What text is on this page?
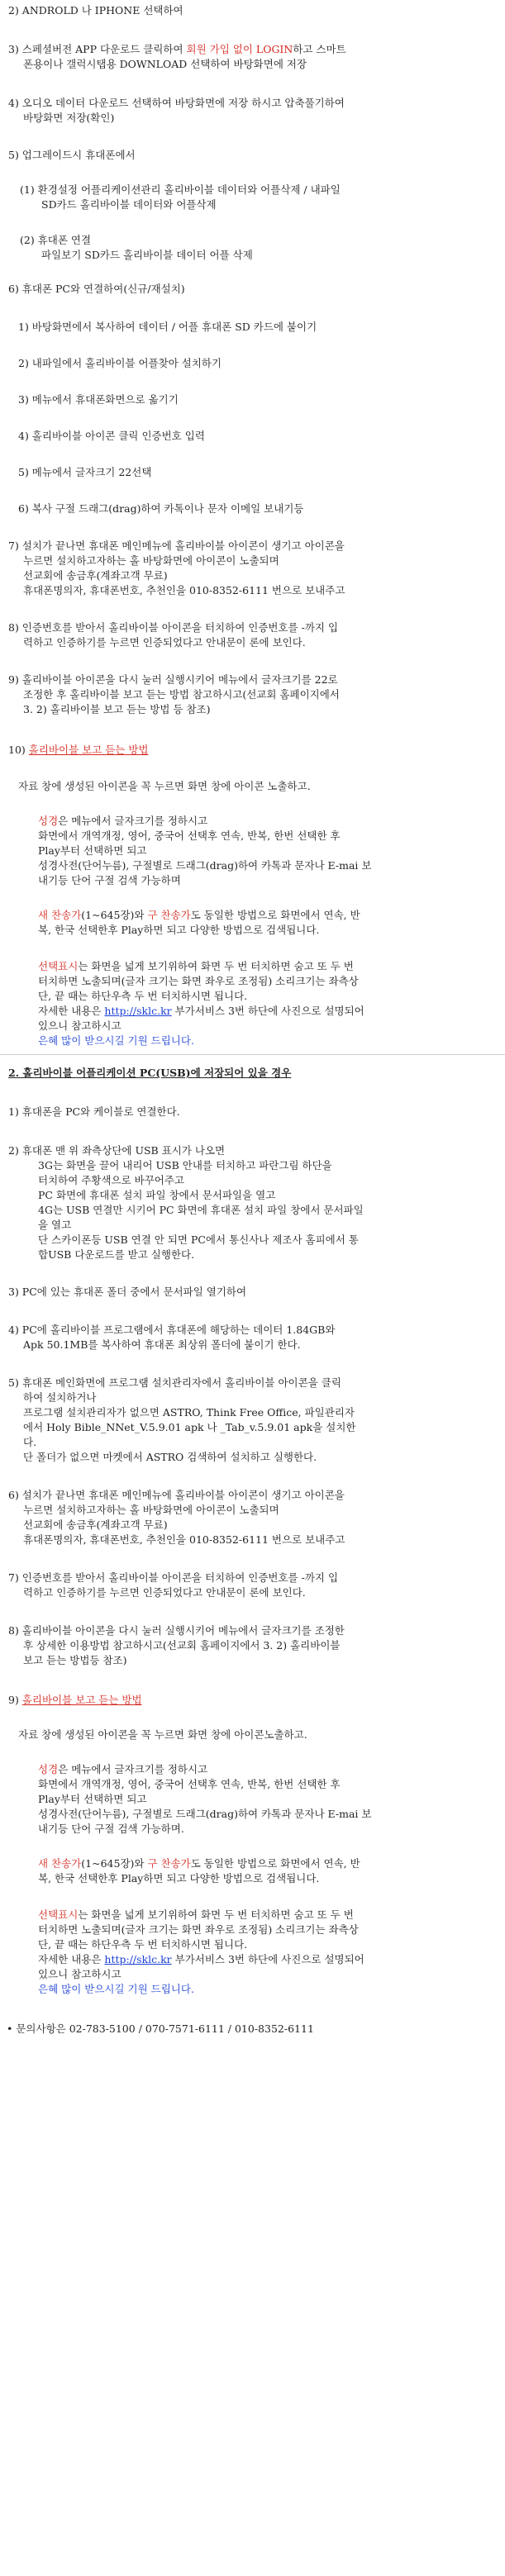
2) ANDROLD 나 IPHONE 선택하여
3) 스페셜버전 APP 다운로드 클릭하여 회원 가입 없이 LOGIN하고 스마트
폰용이나 갤럭시탭용 DOWNLOAD 선택하여 바탕화면에 저장
4) 오디오 데이터 다운로드 선택하여 바탕화면에 저장 하시고 압축풀기하여
바탕화면 저장(확인)
5) 업그레이드시 휴대폰에서
(1) 환경설정 어플리케이션관리 홀리바이블 데이터와 어플삭제 / 내파일
SD카드 홀리바이블 데이터와 어플삭제
(2) 휴대폰 연결
파일보기 SD카드 홀리바이블 데이터 어플 삭제
6) 휴대폰 PC와 연결하여(신규/재설치)
1) 바탕화면에서 복사하여 데이터 / 어플 휴대폰 SD 카드에 붙이기
2) 내파일에서 홀리바이블 어플찾아 설치하기
3) 메뉴에서 휴대폰화면으로 옮기기
4) 홀리바이블 아이콘 클릭 인증번호 입력
5) 메뉴에서 글자크기 22선택
6) 복사 구절 드래그(drag)하여 카톡이나 문자 이메일 보내기등
7) 설치가 끝나면 휴대폰 메인메뉴에 홀리바이블 아이콘이 생기고 아이콘을
누르면 설치하고자하는 홀 바탕화면에 아이콘이 노출되며
선교회에 송금후(계좌고객 무료)
휴대폰명의자, 휴대폰번호, 추천인을 010-8352-6111 번으로 보내주고
8) 인증번호를 받아서 홀리바이블 아이콘을 터치하여 인증번호를 -까지 입
력하고 인증하기를 누르면 인증되었다고 안내문이 론에 보인다.
9) 홀리바이블 아이콘을 다시 눌러 실행시키어 메뉴에서 글자크기를 22로
조정한 후 홀리바이블 보고 듣는 방법 참고하시고(선교회 홈페이지에서
3. 2) 홀리바이블 보고 듣는 방법 등 참조)
10) 홀리바이블 보고 듣는 방법
자료 창에 생성된 아이콘을 꼭 누르면 화면 창에 아이콘 노출하고.
성경은 메뉴에서 글자크기를 정하시고
화면에서 개역개정, 영어, 중국어 선택후 연속, 반복, 한번 선택한 후
Play부터 선택하면 되고
성경사전(단어누름), 구절별로 드래그(drag)하여 카톡과 문자나 E-mai 보
내기등 단어 구절 검색 가능하며
새 찬송가(1~645장)와 구 찬송가도 동일한 방법으로 화면에서 연속, 반
복, 한국 선택한후 Play하면 되고 다양한 방법으로 검색됩니다.
선택표시는 화면을 넓게 보기위하여 화면 두 번 터치하면 숨고 또 두 번
터치하면 노출되며(글자 크기는 화면 좌우로 조정됨) 소리크기는 좌측상
단, 끝 때는 하단우측 두 번 터치하시면 됩니다.
자세한 내용은 http://sklc.kr 부가서비스 3번 하단에 사진으로 설명되어
있으니 참고하시고
은혜 많이 받으시길 기원 드립니다.
2. 홀리바이블 어플리케이션 PC(USB)에 저장되어 있을 경우
1) 휴대폰을 PC와 케이블로 연결한다.
2) 휴대폰 맨 위 좌측상단에 USB 표시가 나오면
3G는 화면을 끌어 내리어 USB 안내를 터치하고 파란그림 하단을
터치하여 주황색으로 바꾸어주고
PC 화면에 휴대폰 설치 파일 창에서 문서파일을 열고
4G는 USB 연결만 시키어 PC 화면에 휴대폰 설치 파일 창에서 문서파일
을 열고
단 스카이폰등 USB 연결 안 되면 PC에서 통신사나 제조사 홈피에서 통
합USB 다운로드를 받고 실행한다.
3) PC에 있는 휴대폰 폴더 중에서 문서파일 열기하여
4) PC에 홀리바이블 프로그램에서 휴대폰에 해당하는 데이터 1.84GB와
Apk 50.1MB를 복사하여 휴대폰 최상위 폴더에 붙이기 한다.
5) 휴대폰 메인화면에 프로그램 설치관리자에서 홀리바이블 아이콘을 클릭
하여 설치하거나
프로그램 설치관리자가 없으면 ASTRO, Think Free Office, 파일관리자
에서 Holy Bible_NNet_V.5.9.01 apk 나 _Tab_v.5.9.01 apk을 설치한
다.
단 폴더가 없으면 마켓에서 ASTRO 검색하여 설치하고 실행한다.
6) 설치가 끝나면 휴대폰 메인메뉴에 홀리바이블 아이콘이 생기고 아이콘을
누르면 설치하고자하는 홀 바탕화면에 아이콘이 노출되며
선교회에 송금후(계좌고객 무료)
휴대폰명의자, 휴대폰번호, 추천인을 010-8352-6111 번으로 보내주고
7) 인증번호를 받아서 홀리바이블 아이콘을 터치하여 인증번호를 -까지 입
력하고 인증하기를 누르면 인증되었다고 안내문이 론에 보인다.
8) 홀리바이블 아이콘을 다시 눌러 실행시키어 메뉴에서 글자크기를 조정한
후 상세한 이용방법 참고하시고(선교회 홈페이지에서 3. 2) 홀리바이블
보고 듣는 방법등 참조)
9) 홀리바이블 보고 듣는 방법
자료 창에 생성된 아이콘을 꼭 누르면 화면 창에 아이콘노출하고.
성경은 메뉴에서 글자크기를 정하시고
화면에서 개역개정, 영어, 중국어 선택후 연속, 반복, 한번 선택한 후
Play부터 선택하면 되고
성경사전(단어누름), 구절별로 드래그(drag)하여 카톡과 문자나 E-mai 보
내기등 단어 구절 검색 가능하며.
새 찬송가(1~645장)와 구 찬송가도 동일한 방법으로 화면에서 연속, 반
복, 한국 선택한후 Play하면 되고 다양한 방법으로 검색됩니다.
선택표시는 화면을 넓게 보기위하여 화면 두 번 터치하면 숨고 또 두 번
터치하면 노출되며(글자 크기는 화면 좌우로 조정됨) 소리크기는 좌측상
단, 끝 때는 하단우측 두 번 터치하시면 됩니다.
자세한 내용은 http://sklc.kr 부가서비스 3번 하단에 사진으로 설명되어
있으니 참고하시고
은혜 많이 받으시길 기원 드립니다.
• 문의사항은 02-783-5100 / 070-7571-6111 / 010-8352-6111
